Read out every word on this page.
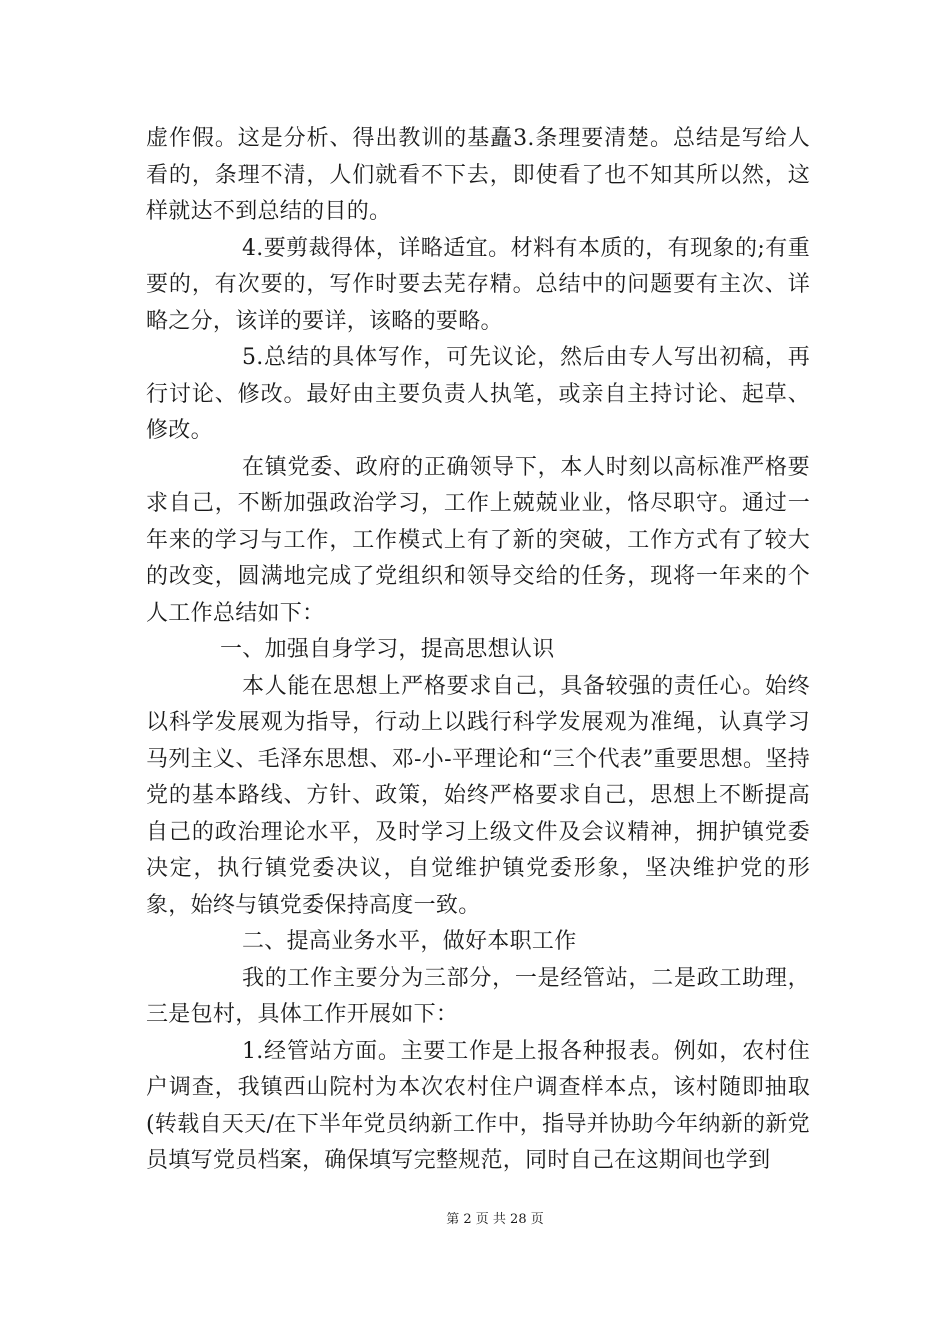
虚作假。这是分析、得出教训的基矗3.条理要清楚。总结是写给人看的，条理不清，人们就看不下去，即使看了也不知其所以然，这样就达不到总结的目的。

4.要剪裁得体，详略适宜。材料有本质的，有现象的;有重要的，有次要的，写作时要去芜存精。总结中的问题要有主次、详略之分，该详的要详，该略的要略。

5.总结的具体写作，可先议论，然后由专人写出初稿，再行讨论、修改。最好由主要负责人执笔，或亲自主持讨论、起草、修改。

在镇党委、政府的正确领导下，本人时刻以高标准严格要求自己，不断加强政治学习，工作上兢兢业业，恪尽职守。通过一年来的学习与工作，工作模式上有了新的突破，工作方式有了较大的改变，圆满地完成了党组织和领导交给的任务，现将一年来的个人工作总结如下：

一、加强自身学习，提高思想认识

本人能在思想上严格要求自己，具备较强的责任心。始终以科学发展观为指导，行动上以践行科学发展观为准绳，认真学习马列主义、毛泽东思想、邓-小-平理论和“三个代表”重要思想。坚持党的基本路线、方针、政策，始终严格要求自己，思想上不断提高自己的政治理论水平，及时学习上级文件及会议精神，拥护镇党委决定，执行镇党委决议，自觉维护镇党委形象，坚决维护党的形象，始终与镇党委保持高度一致。

二、提高业务水平，做好本职工作

我的工作主要分为三部分，一是经管站，二是政工助理，三是包村，具体工作开展如下：

1.经管站方面。主要工作是上报各种报表。例如，农村住户调查，我镇西山院村为本次农村住户调查样本点，该村随即抽取(转载自天天/在下半年党员纳新工作中，指导并协助今年纳新的新党员填写党员档案，确保填写完整规范，同时自己在这期间也学到

第 2 页 共 28 页
